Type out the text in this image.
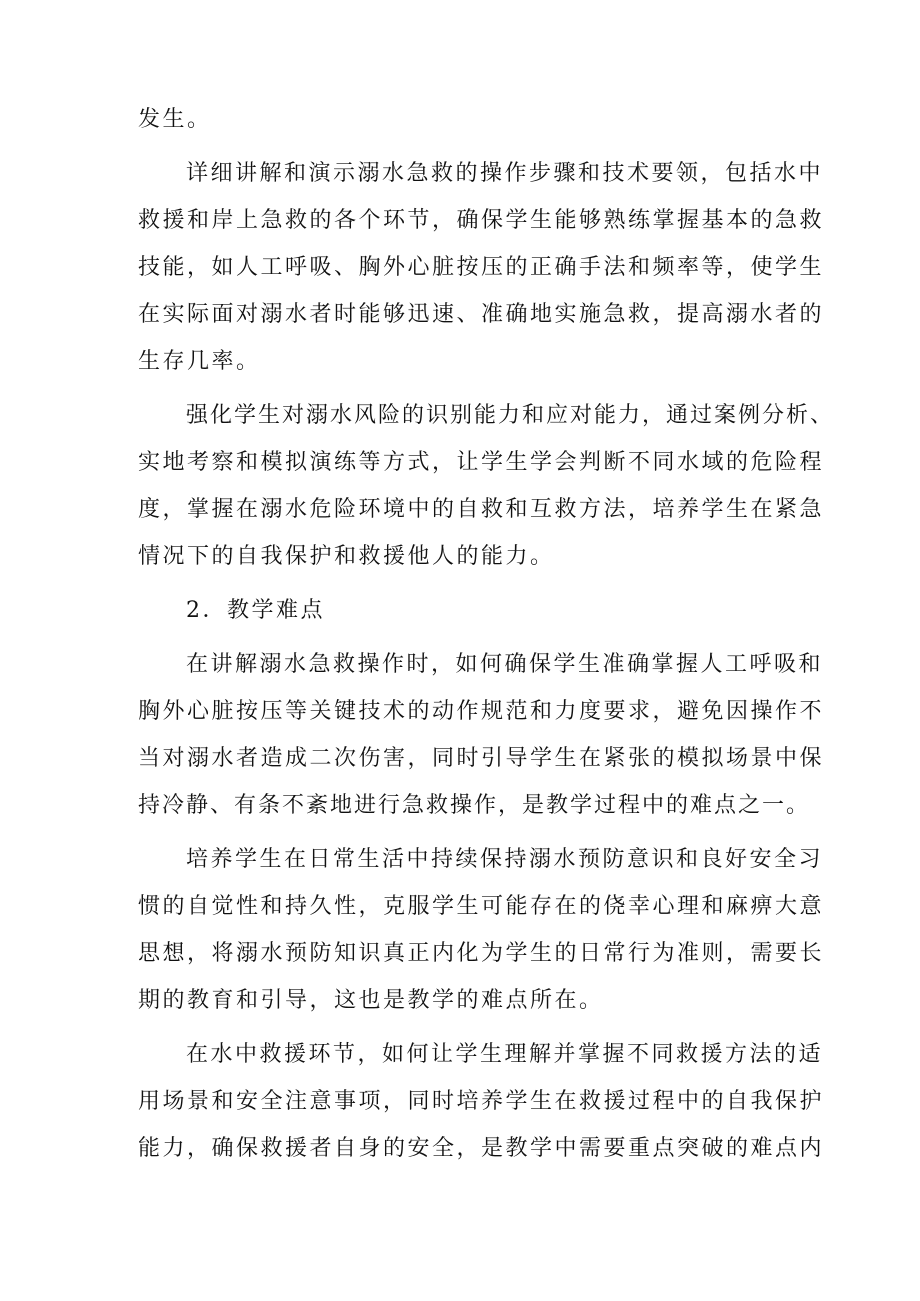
发生。
详细讲解和演示溺水急救的操作步骤和技术要领，包括水中
救援和岸上急救的各个环节，确保学生能够熟练掌握基本的急救
技能，如人工呼吸、胸外心脏按压的正确手法和频率等，使学生
在实际面对溺水者时能够迅速、准确地实施急救，提高溺水者的
生存几率。
强化学生对溺水风险的识别能力和应对能力，通过案例分析、
实地考察和模拟演练等方式，让学生学会判断不同水域的危险程
度，掌握在溺水危险环境中的自救和互救方法，培养学生在紧急
情况下的自我保护和救援他人的能力。
2．教学难点
在讲解溺水急救操作时，如何确保学生准确掌握人工呼吸和
胸外心脏按压等关键技术的动作规范和力度要求，避免因操作不
当对溺水者造成二次伤害，同时引导学生在紧张的模拟场景中保
持冷静、有条不紊地进行急救操作，是教学过程中的难点之一。
培养学生在日常生活中持续保持溺水预防意识和良好安全习
惯的自觉性和持久性，克服学生可能存在的侥幸心理和麻痹大意
思想，将溺水预防知识真正内化为学生的日常行为准则，需要长
期的教育和引导，这也是教学的难点所在。
在水中救援环节，如何让学生理解并掌握不同救援方法的适
用场景和安全注意事项，同时培养学生在救援过程中的自我保护
能力，确保救援者自身的安全，是教学中需要重点突破的难点内
